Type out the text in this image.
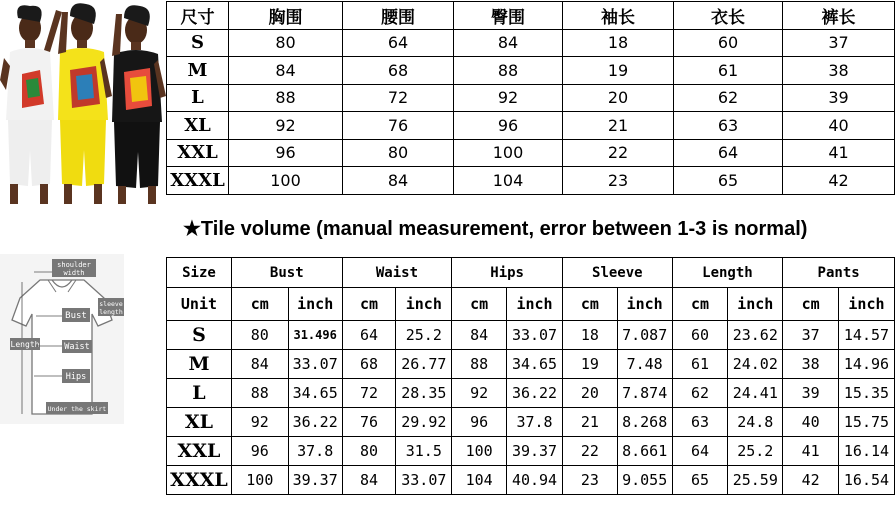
尺寸	胸围	腰围	臀围	袖长	衣长	裤长
S	80	64	84	18	60	37
M	84	68	88	19	61	38
L	88	72	92	20	62	39
XL	92	76	96	21	63	40
XXL	96	80	100	22	64	41
XXXL	100	84	104	23	65	42
★Tile volume (manual measurement, error between 1-3 is normal)
shoulder
width
sleeve
length
Bust
Length	Waist
Hips
Under the skirt
Size	Bust		Waist		Hips		Sleeve		Length		Pants	
Unit	cm	inch	cm	inch	cm	inch	cm	inch	cm	inch	cm	inch
S	80	31.496	64	25.2	84	33.07	18	7.087	60	23.62	37	14.57
M	84	33.07	68	26.77	88	34.65	19	7.48	61	24.02	38	14.96
L	88	34.65	72	28.35	92	36.22	20	7.874	62	24.41	39	15.35
XL	92	36.22	76	29.92	96	37.8	21	8.268	63	24.8	40	15.75
XXL	96	37.8	80	31.5	100	39.37	22	8.661	64	25.2	41	16.14
XXXL	100	39.37	84	33.07	104	40.94	23	9.055	65	25.59	42	16.54
